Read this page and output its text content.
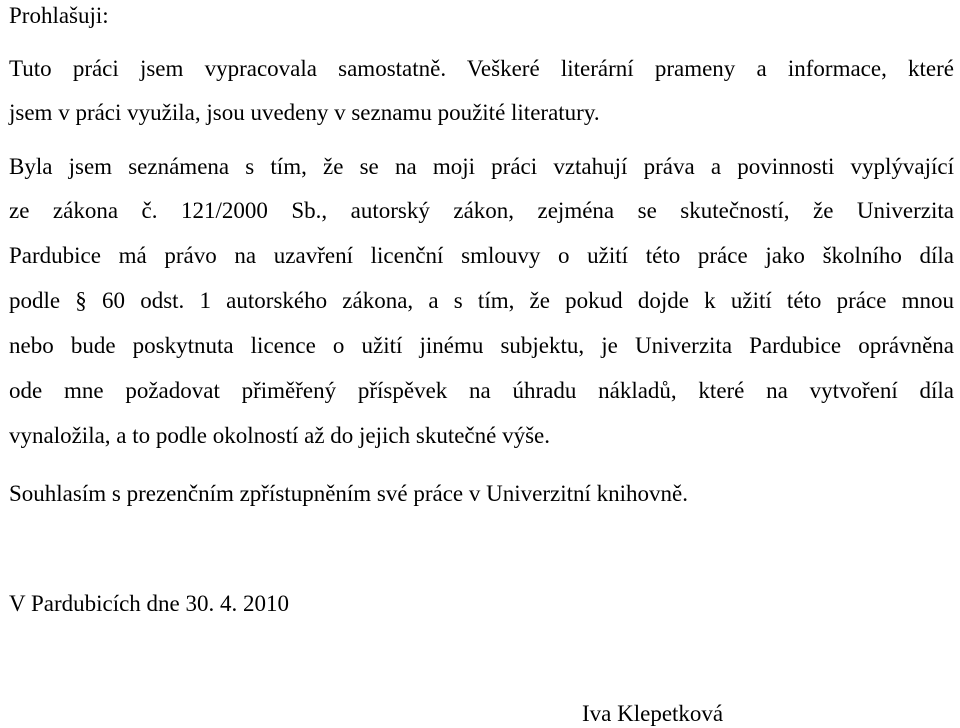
Prohlašuji:

Tuto práci jsem vypracovala samostatně. Veškeré literární prameny a informace, které

jsem v práci využila, jsou uvedeny v seznamu použité literatury.

Byla jsem seznámena s tím, že se na moji práci vztahují práva a povinnosti vyplývající

ze zákona č. 121/2000 Sb., autorský zákon, zejména se skutečností, že Univerzita

Pardubice má právo na uzavření licenční smlouvy o užití této práce jako školního díla

podle § 60 odst. 1 autorského zákona, a s tím, že pokud dojde k užití této práce mnou

nebo bude poskytnuta licence o užití jinému subjektu, je Univerzita Pardubice oprávněna

ode mne požadovat přiměřený příspěvek na úhradu nákladů, které na vytvoření díla

vynaložila, a to podle okolností až do jejich skutečné výše.

Souhlasím s prezenčním zpřístupněním své práce v Univerzitní knihovně.

V Pardubicích dne 30. 4. 2010

Iva Klepetková
